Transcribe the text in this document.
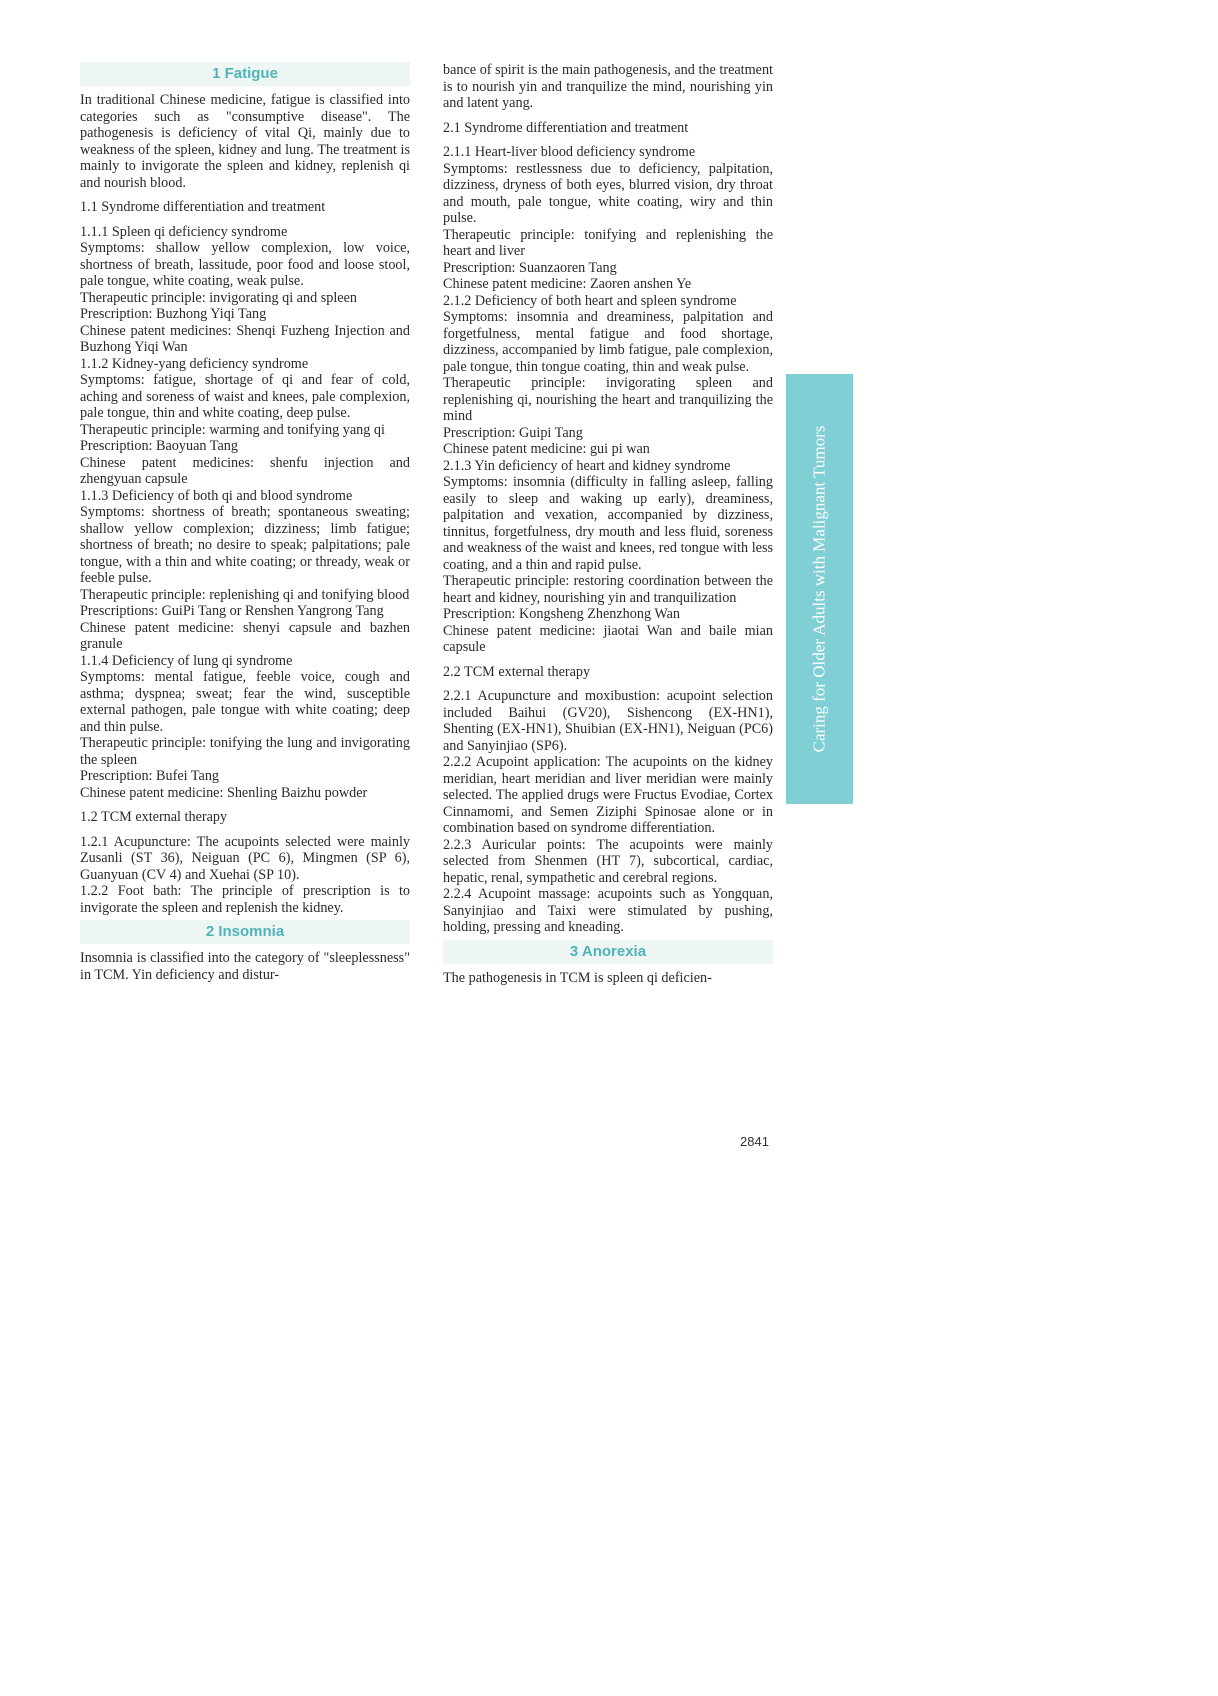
1 Fatigue

In traditional Chinese medicine, fatigue is classified into categories such as "consumptive disease". The pathogenesis is deficiency of vital Qi, mainly due to weakness of the spleen, kidney and lung. The treatment is mainly to invigorate the spleen and kidney, replenish qi and nourish blood.

1.1 Syndrome differentiation and treatment

1.1.1 Spleen qi deficiency syndrome

Symptoms: shallow yellow complexion, low voice, shortness of breath, lassitude, poor food and loose stool, pale tongue, white coating, weak pulse.

Therapeutic principle: invigorating qi and spleen

Prescription: Buzhong Yiqi Tang

Chinese patent medicines: Shenqi Fuzheng Injection and Buzhong Yiqi Wan

1.1.2 Kidney-yang deficiency syndrome

Symptoms: fatigue, shortage of qi and fear of cold, aching and soreness of waist and knees, pale complexion, pale tongue, thin and white coating, deep pulse.

Therapeutic principle: warming and tonifying yang qi

Prescription: Baoyuan Tang

Chinese patent medicines: shenfu injection and zhengyuan capsule

1.1.3 Deficiency of both qi and blood syndrome

Symptoms: shortness of breath; spontaneous sweating; shallow yellow complexion; dizziness; limb fatigue; shortness of breath; no desire to speak; palpitations; pale tongue, with a thin and white coating; or thready, weak or feeble pulse.

Therapeutic principle: replenishing qi and tonifying blood

Prescriptions: GuiPi Tang or Renshen Yangrong Tang

Chinese patent medicine: shenyi capsule and bazhen granule

1.1.4 Deficiency of lung qi syndrome

Symptoms: mental fatigue, feeble voice, cough and asthma; dyspnea; sweat; fear the wind, susceptible external pathogen, pale tongue with white coating; deep and thin pulse.

Therapeutic principle: tonifying the lung and invigorating the spleen

Prescription: Bufei Tang

Chinese patent medicine: Shenling Baizhu powder

1.2 TCM external therapy

1.2.1 Acupuncture: The acupoints selected were mainly Zusanli (ST 36), Neiguan (PC 6), Mingmen (SP 6), Guanyuan (CV 4) and Xuehai (SP 10).

1.2.2 Foot bath: The principle of prescription is to invigorate the spleen and replenish the kidney.

2 Insomnia

Insomnia is classified into the category of "sleeplessness" in TCM. Yin deficiency and distur-

bance of spirit is the main pathogenesis, and the treatment is to nourish yin and tranquilize the mind, nourishing yin and latent yang.

2.1 Syndrome differentiation and treatment

2.1.1 Heart-liver blood deficiency syndrome

Symptoms: restlessness due to deficiency, palpitation, dizziness, dryness of both eyes, blurred vision, dry throat and mouth, pale tongue, white coating, wiry and thin pulse.

Therapeutic principle: tonifying and replenishing the heart and liver

Prescription: Suanzaoren Tang

Chinese patent medicine: Zaoren anshen Ye

2.1.2 Deficiency of both heart and spleen syndrome

Symptoms: insomnia and dreaminess, palpitation and forgetfulness, mental fatigue and food shortage, dizziness, accompanied by limb fatigue, pale complexion, pale tongue, thin tongue coating, thin and weak pulse.

Therapeutic principle: invigorating spleen and replenishing qi, nourishing the heart and tranquilizing the mind

Prescription: Guipi Tang

Chinese patent medicine: gui pi wan

2.1.3 Yin deficiency of heart and kidney syndrome

Symptoms: insomnia (difficulty in falling asleep, falling easily to sleep and waking up early), dreaminess, palpitation and vexation, accompanied by dizziness, tinnitus, forgetfulness, dry mouth and less fluid, soreness and weakness of the waist and knees, red tongue with less coating, and a thin and rapid pulse.

Therapeutic principle: restoring coordination between the heart and kidney, nourishing yin and tranquilization

Prescription: Kongsheng Zhenzhong Wan

Chinese patent medicine: jiaotai Wan and baile mian capsule

2.2 TCM external therapy

2.2.1 Acupuncture and moxibustion: acupoint selection included Baihui (GV20), Sishencong (EX-HN1), Shenting (EX-HN1), Shuibian (EX-HN1), Neiguan (PC6) and Sanyinjiao (SP6).

2.2.2 Acupoint application: The acupoints on the kidney meridian, heart meridian and liver meridian were mainly selected. The applied drugs were Fructus Evodiae, Cortex Cinnamomi, and Semen Ziziphi Spinosae alone or in combination based on syndrome differentiation.

2.2.3 Auricular points: The acupoints were mainly selected from Shenmen (HT 7), subcortical, cardiac, hepatic, renal, sympathetic and cerebral regions.

2.2.4 Acupoint massage: acupoints such as Yongquan, Sanyinjiao and Taixi were stimulated by pushing, holding, pressing and kneading.

3 Anorexia

The pathogenesis in TCM is spleen qi deficien-

Caring for Older Adults with Malignant Tumors
2841
